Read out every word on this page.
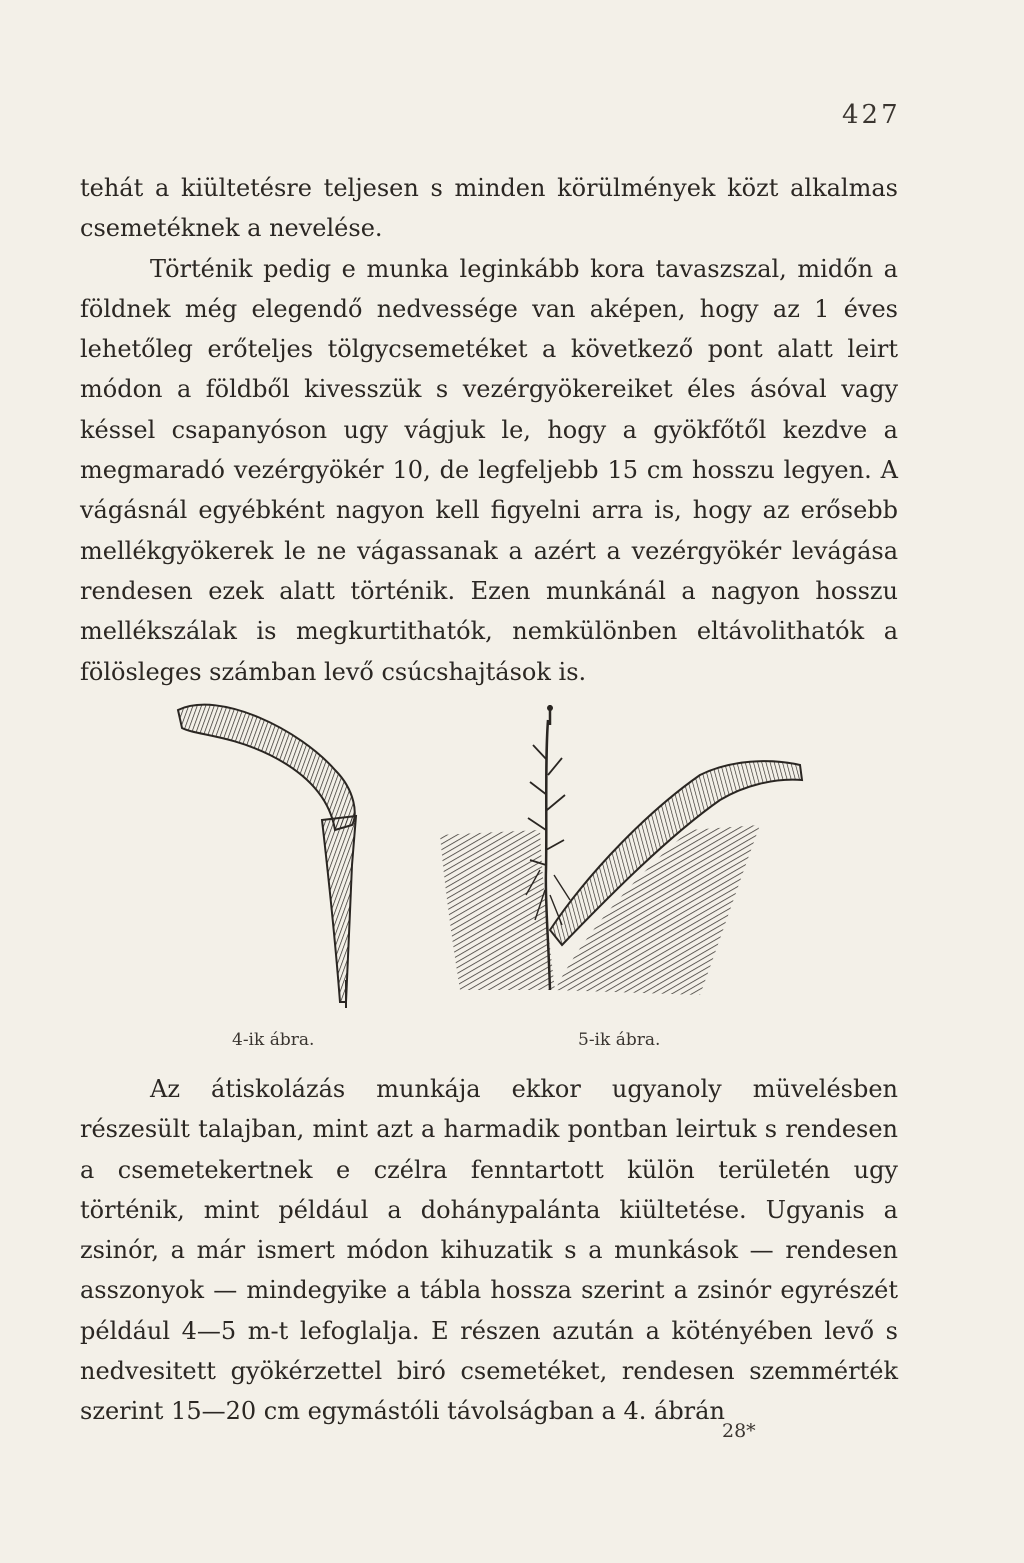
427

tehát a kiültetésre teljesen s minden körülmények közt alkalmas csemetéknek a nevelése.

Történik pedig e munka leginkább kora tavaszszal, midőn a földnek még elegendő nedvessége van aképen, hogy az 1 éves lehetőleg erőteljes tölgycsemetéket a következő pont alatt leirt módon a földből kivesszük s vezérgyökereiket éles ásóval vagy késsel csapanyóson ugy vágjuk le, hogy a gyökfőtől kezdve a megmaradó vezérgyökér 10, de legfeljebb 15 cm hosszu legyen. A vágásnál egyébként nagyon kell figyelni arra is, hogy az erősebb mellékgyökerek le ne vágassanak a azért a vezérgyökér levágása rendesen ezek alatt történik. Ezen munkánál a nagyon hosszu mellékszálak is megkurtithatók, nemkülönben eltávolithatók a fölösleges számban levő csúcshajtások is.

4-ik ábra.	5-ik ábra.

Az átiskolázás munkája ekkor ugyanoly müvelésben részesült talajban, mint azt a harmadik pontban leirtuk s rendesen a csemetekertnek e czélra fenntartott külön területén ugy történik, mint például a dohánypalánta kiültetése. Ugyanis a zsinór, a már ismert módon kihuzatik s a munkások — rendesen asszonyok — mindegyike a tábla hossza szerint a zsinór egyrészét például 4—5 m-t lefoglalja. E részen azután a kötényében levő s nedvesitett gyökérzettel biró csemetéket, rendesen szemmérték szerint 15—20 cm egymástóli távolságban a 4. ábrán

28*
